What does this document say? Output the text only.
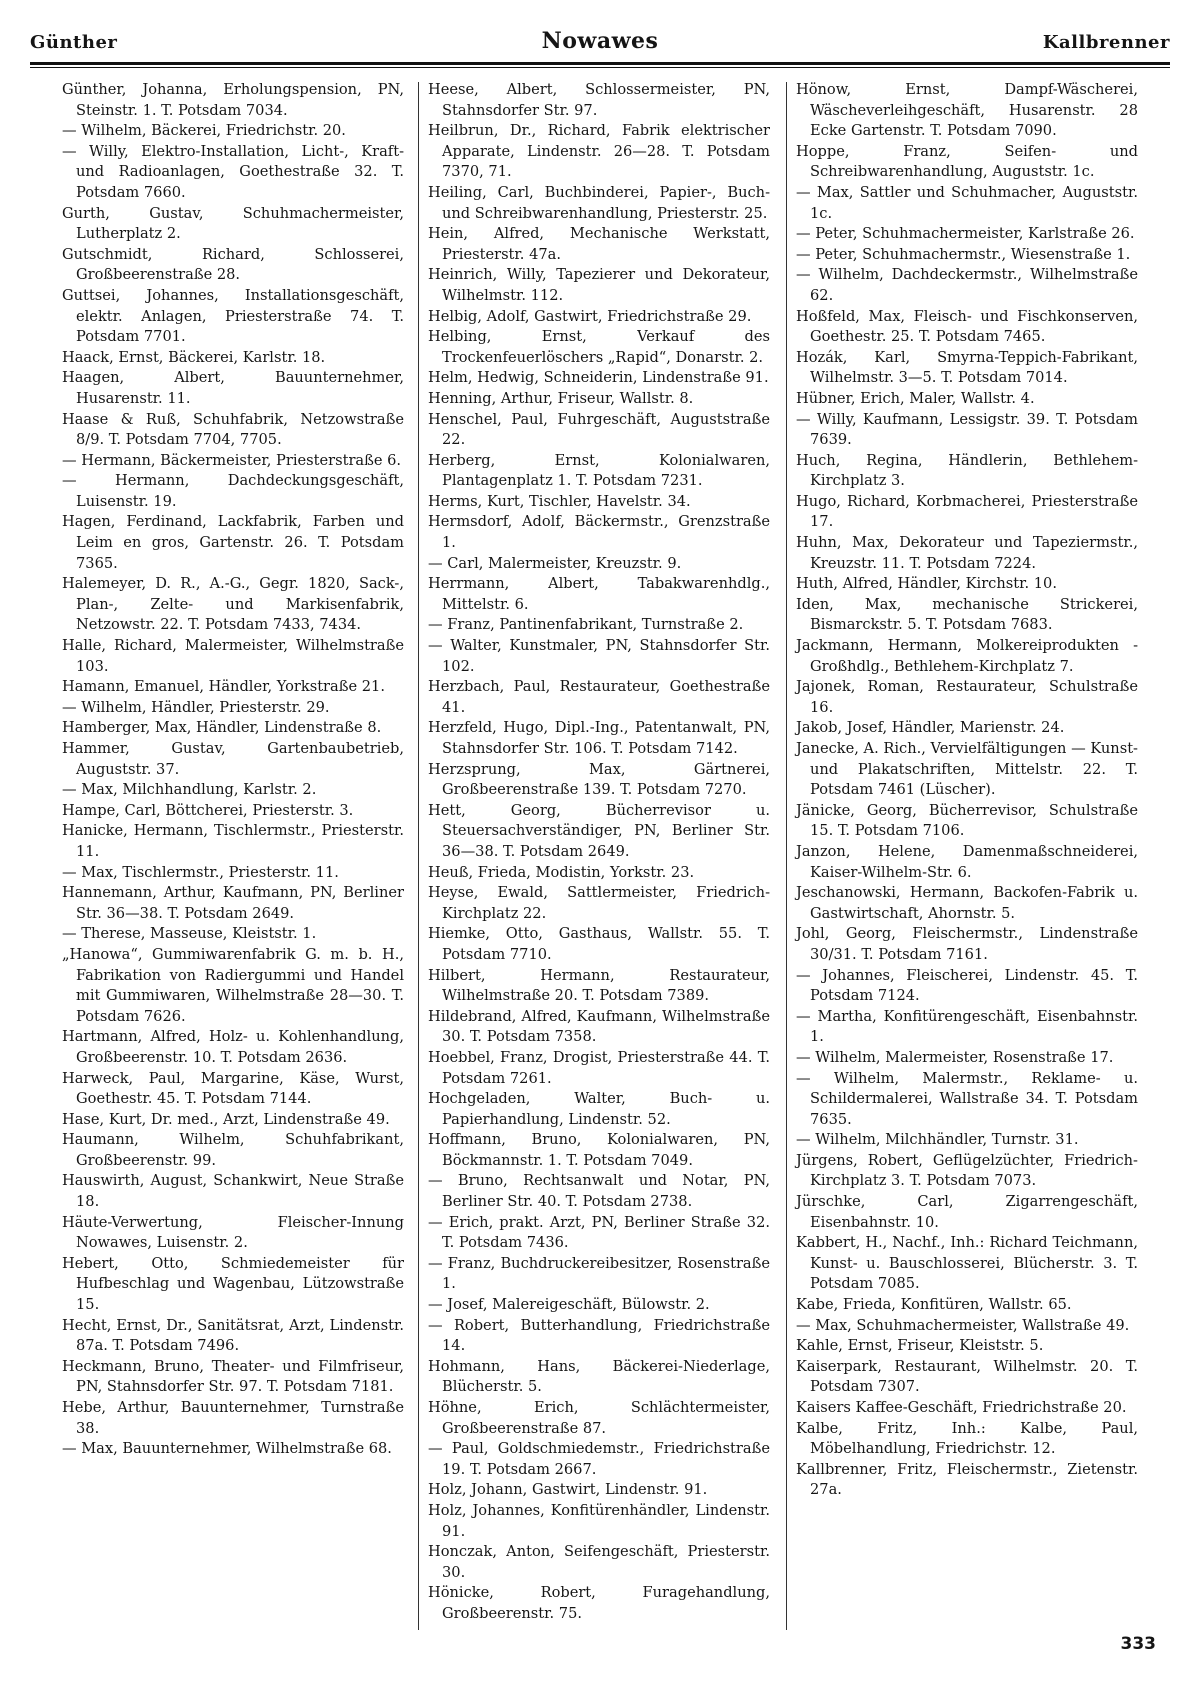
Günther	Nowawes	Kallbrenner

Günther, Johanna, Erholungspension, PN, Steinstr. 1. T. Potsdam 7034.

— Wilhelm, Bäckerei, Friedrichstr. 20.

— Willy, Elektro-Installation, Licht-, Kraft- und Radioanlagen, Goethestraße 32. T. Potsdam 7660.

Gurth, Gustav, Schuhmachermeister, Lutherplatz 2.

Gutschmidt, Richard, Schlosserei, Großbeerenstraße 28.

Guttsei, Johannes, Installationsgeschäft, elektr. Anlagen, Priesterstraße 74. T. Potsdam 7701.

Haack, Ernst, Bäckerei, Karlstr. 18.

Haagen, Albert, Bauunternehmer, Husarenstr. 11.

Haase & Ruß, Schuhfabrik, Netzowstraße 8/9. T. Potsdam 7704, 7705.

— Hermann, Bäckermeister, Priesterstraße 6.

— Hermann, Dachdeckungsgeschäft, Luisenstr. 19.

Hagen, Ferdinand, Lackfabrik, Farben und Leim en gros, Gartenstr. 26. T. Potsdam 7365.

Halemeyer, D. R., A.-G., Gegr. 1820, Sack-, Plan-, Zelte- und Markisenfabrik, Netzowstr. 22. T. Potsdam 7433, 7434.

Halle, Richard, Malermeister, Wilhelmstraße 103.

Hamann, Emanuel, Händler, Yorkstraße 21.

— Wilhelm, Händler, Priesterstr. 29.

Hamberger, Max, Händler, Lindenstraße 8.

Hammer, Gustav, Gartenbaubetrieb, Auguststr. 37.

— Max, Milchhandlung, Karlstr. 2.

Hampe, Carl, Böttcherei, Priesterstr. 3.

Hanicke, Hermann, Tischlermstr., Priesterstr. 11.

— Max, Tischlermstr., Priesterstr. 11.

Hannemann, Arthur, Kaufmann, PN, Berliner Str. 36—38. T. Potsdam 2649.

— Therese, Masseuse, Kleiststr. 1.

„Hanowa“, Gummiwarenfabrik G. m. b. H., Fabrikation von Radiergummi und Handel mit Gummiwaren, Wilhelmstraße 28—30. T. Potsdam 7626.

Hartmann, Alfred, Holz- u. Kohlenhandlung, Großbeerenstr. 10. T. Potsdam 2636.

Harweck, Paul, Margarine, Käse, Wurst, Goethestr. 45. T. Potsdam 7144.

Hase, Kurt, Dr. med., Arzt, Lindenstraße 49.

Haumann, Wilhelm, Schuhfabrikant, Großbeerenstr. 99.

Hauswirth, August, Schankwirt, Neue Straße 18.

Häute-Verwertung, Fleischer-Innung Nowawes, Luisenstr. 2.

Hebert, Otto, Schmiedemeister für Hufbeschlag und Wagenbau, Lützowstraße 15.

Hecht, Ernst, Dr., Sanitätsrat, Arzt, Lindenstr. 87a. T. Potsdam 7496.

Heckmann, Bruno, Theater- und Filmfriseur, PN, Stahnsdorfer Str. 97. T. Potsdam 7181.

Hebe, Arthur, Bauunternehmer, Turnstraße 38.

— Max, Bauunternehmer, Wilhelmstraße 68.

Heese, Albert, Schlossermeister, PN, Stahnsdorfer Str. 97.

Heilbrun, Dr., Richard, Fabrik elektrischer Apparate, Lindenstr. 26—28. T. Potsdam 7370, 71.

Heiling, Carl, Buchbinderei, Papier-, Buch- und Schreibwarenhandlung, Priesterstr. 25.

Hein, Alfred, Mechanische Werkstatt, Priesterstr. 47a.

Heinrich, Willy, Tapezierer und Dekorateur, Wilhelmstr. 112.

Helbig, Adolf, Gastwirt, Friedrichstraße 29.

Helbing, Ernst, Verkauf des Trockenfeuerlöschers „Rapid“, Donarstr. 2.

Helm, Hedwig, Schneiderin, Lindenstraße 91.

Henning, Arthur, Friseur, Wallstr. 8.

Henschel, Paul, Fuhrgeschäft, Auguststraße 22.

Herberg, Ernst, Kolonialwaren, Plantagenplatz 1. T. Potsdam 7231.

Herms, Kurt, Tischler, Havelstr. 34.

Hermsdorf, Adolf, Bäckermstr., Grenzstraße 1.

— Carl, Malermeister, Kreuzstr. 9.

Herrmann, Albert, Tabakwarenhdlg., Mittelstr. 6.

— Franz, Pantinenfabrikant, Turnstraße 2.

— Walter, Kunstmaler, PN, Stahnsdorfer Str. 102.

Herzbach, Paul, Restaurateur, Goethestraße 41.

Herzfeld, Hugo, Dipl.-Ing., Patentanwalt, PN, Stahnsdorfer Str. 106. T. Potsdam 7142.

Herzsprung, Max, Gärtnerei, Großbeerenstraße 139. T. Potsdam 7270.

Hett, Georg, Bücherrevisor u. Steuersachverständiger, PN, Berliner Str. 36—38. T. Potsdam 2649.

Heuß, Frieda, Modistin, Yorkstr. 23.

Heyse, Ewald, Sattlermeister, Friedrich-Kirchplatz 22.

Hiemke, Otto, Gasthaus, Wallstr. 55. T. Potsdam 7710.

Hilbert, Hermann, Restaurateur, Wilhelmstraße 20. T. Potsdam 7389.

Hildebrand, Alfred, Kaufmann, Wilhelmstraße 30. T. Potsdam 7358.

Hoebbel, Franz, Drogist, Priesterstraße 44. T. Potsdam 7261.

Hochgeladen, Walter, Buch- u. Papierhandlung, Lindenstr. 52.

Hoffmann, Bruno, Kolonialwaren, PN, Böckmannstr. 1. T. Potsdam 7049.

— Bruno, Rechtsanwalt und Notar, PN, Berliner Str. 40. T. Potsdam 2738.

— Erich, prakt. Arzt, PN, Berliner Straße 32. T. Potsdam 7436.

— Franz, Buchdruckereibesitzer, Rosenstraße 1.

— Josef, Malereigeschäft, Bülowstr. 2.

— Robert, Butterhandlung, Friedrichstraße 14.

Hohmann, Hans, Bäckerei-Niederlage, Blücherstr. 5.

Höhne, Erich, Schlächtermeister, Großbeerenstraße 87.

— Paul, Goldschmiedemstr., Friedrichstraße 19. T. Potsdam 2667.

Holz, Johann, Gastwirt, Lindenstr. 91.

Holz, Johannes, Konfitürenhändler, Lindenstr. 91.

Honczak, Anton, Seifengeschäft, Priesterstr. 30.

Hönicke, Robert, Furagehandlung, Großbeerenstr. 75.

Hönow, Ernst, Dampf-Wäscherei, Wäscheverleihgeschäft, Husarenstr. 28 Ecke Gartenstr. T. Potsdam 7090.

Hoppe, Franz, Seifen- und Schreibwarenhandlung, Auguststr. 1c.

— Max, Sattler und Schuhmacher, Auguststr. 1c.

— Peter, Schuhmachermeister, Karlstraße 26.

— Peter, Schuhmachermstr., Wiesenstraße 1.

— Wilhelm, Dachdeckermstr., Wilhelmstraße 62.

Hoßfeld, Max, Fleisch- und Fischkonserven, Goethestr. 25. T. Potsdam 7465.

Hozák, Karl, Smyrna-Teppich-Fabrikant, Wilhelmstr. 3—5. T. Potsdam 7014.

Hübner, Erich, Maler, Wallstr. 4.

— Willy, Kaufmann, Lessigstr. 39. T. Potsdam 7639.

Huch, Regina, Händlerin, Bethlehem-Kirchplatz 3.

Hugo, Richard, Korbmacherei, Priesterstraße 17.

Huhn, Max, Dekorateur und Tapeziermstr., Kreuzstr. 11. T. Potsdam 7224.

Huth, Alfred, Händler, Kirchstr. 10.

Iden, Max, mechanische Strickerei, Bismarckstr. 5. T. Potsdam 7683.

Jackmann, Hermann, Molkereiprodukten - Großhdlg., Bethlehem-Kirchplatz 7.

Jajonek, Roman, Restaurateur, Schulstraße 16.

Jakob, Josef, Händler, Marienstr. 24.

Janecke, A. Rich., Vervielfältigungen — Kunst- und Plakatschriften, Mittelstr. 22. T. Potsdam 7461 (Lüscher).

Jänicke, Georg, Bücherrevisor, Schulstraße 15. T. Potsdam 7106.

Janzon, Helene, Damenmaßschneiderei, Kaiser-Wilhelm-Str. 6.

Jeschanowski, Hermann, Backofen-Fabrik u. Gastwirtschaft, Ahornstr. 5.

Johl, Georg, Fleischermstr., Lindenstraße 30/31. T. Potsdam 7161.

— Johannes, Fleischerei, Lindenstr. 45. T. Potsdam 7124.

— Martha, Konfitürengeschäft, Eisenbahnstr. 1.

— Wilhelm, Malermeister, Rosenstraße 17.

— Wilhelm, Malermstr., Reklame- u. Schildermalerei, Wallstraße 34. T. Potsdam 7635.

— Wilhelm, Milchhändler, Turnstr. 31.

Jürgens, Robert, Geflügelzüchter, Friedrich-Kirchplatz 3. T. Potsdam 7073.

Jürschke, Carl, Zigarrengeschäft, Eisenbahnstr. 10.

Kabbert, H., Nachf., Inh.: Richard Teichmann, Kunst- u. Bauschlosserei, Blücherstr. 3. T. Potsdam 7085.

Kabe, Frieda, Konfitüren, Wallstr. 65.

— Max, Schuhmachermeister, Wallstraße 49.

Kahle, Ernst, Friseur, Kleiststr. 5.

Kaiserpark, Restaurant, Wilhelmstr. 20. T. Potsdam 7307.

Kaisers Kaffee-Geschäft, Friedrichstraße 20.

Kalbe, Fritz, Inh.: Kalbe, Paul, Möbelhandlung, Friedrichstr. 12.

Kallbrenner, Fritz, Fleischermstr., Zietenstr. 27a.

333
